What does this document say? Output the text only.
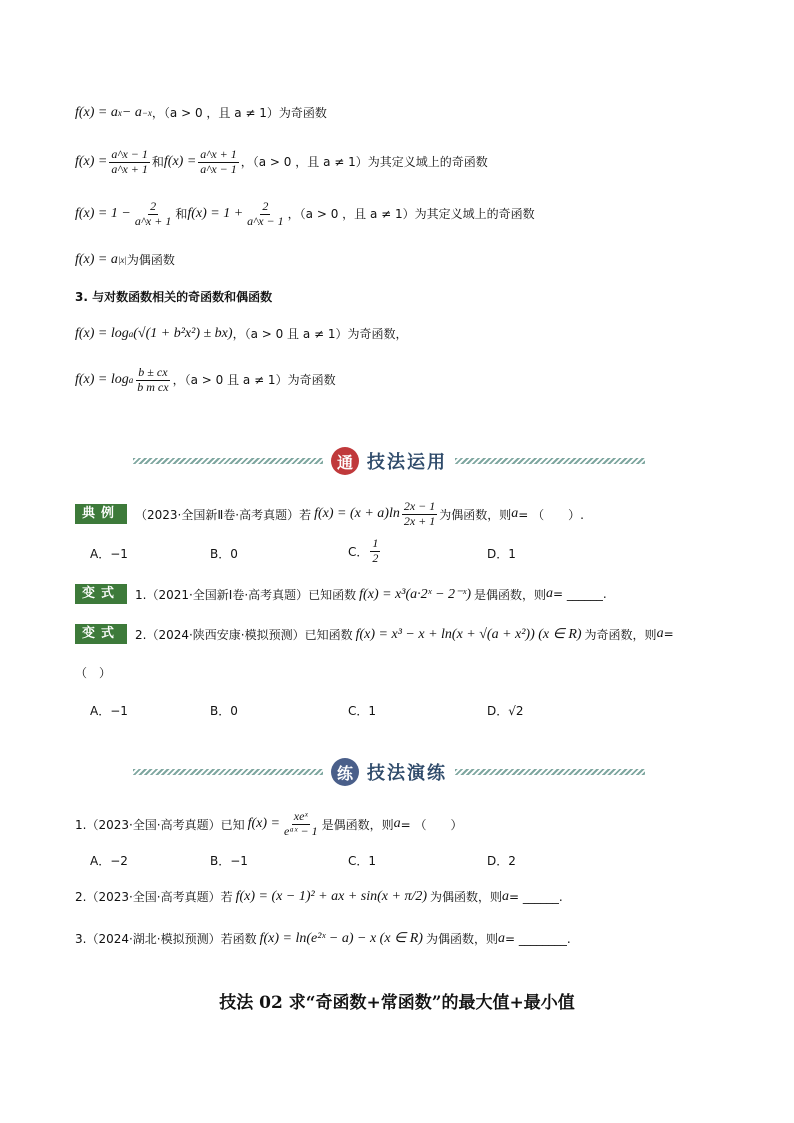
f(x) = a x − a −x ，（a > 0 ，且 a ≠ 1）为奇函数
$f(x) = \frac{a\^{}x - 1}{a\^{}x + 1}$ 和 $f(x) = \frac{a\^{}x + 1}{a\^{}x - 1}$ ，（a > 0 ，且 a ≠ 1）为其定义域上的奇函数
$f(x) = 1 - \frac{2}{a\^{}x + 1}$ 和 $f(x) = 1 + \frac{2}{a\^{}x - 1}$ ，（a > 0 ，且 a ≠ 1）为其定义域上的奇函数
f(x) = a |x| 为偶函数
3. 与对数函数相关的奇函数和偶函数
f(x) = log a (√(1 + b²x²) ± bx) ，（a > 0 且 a ≠ 1）为奇函数，
f(x) = log a $\frac{b \pm cx}{\text{b m cx}}$ ，（a > 0 且 a ≠ 1）为奇函数
通 技法运用
典例	（2023·全国新Ⅱ卷·高考真题）若 $f(x) = (x + a)\ln \frac{2x - 1}{2x + 1}$ 为偶函数，则 a = （　　）.
A．−1	B．0	C． $\frac{1}{2}$	D．1
变式	1.（2021·全国新Ⅰ卷·高考真题）已知函数 f(x) = x³(a·2ˣ − 2⁻ˣ) 是偶函数，则 a = ______.
变式	2.（2024·陕西安康·模拟预测）已知函数 f(x) = x³ − x + ln(x + √(a + x²)) (x ∈ R) 为奇函数，则 a =
（　）
A．−1	B．0	C．1	D．√2
练 技法演练
1.（2023·全国·高考真题）已知 $f(x) = \frac{\text{xeˣ}}{\text{eᵃˣ − 1}}$ 是偶函数，则 a = （　　）
A．−2	B．−1	C．1	D．2
2.（2023·全国·高考真题）若 f(x) = (x − 1)² + ax + sin(x + π/2) 为偶函数，则 a = ______.
3.（2024·湖北·模拟预测）若函数 f(x) = ln(e²ˣ − a) − x (x ∈ R) 为偶函数，则 a = ________.
技法 02 求“奇函数+常函数”的最大值+最小值
